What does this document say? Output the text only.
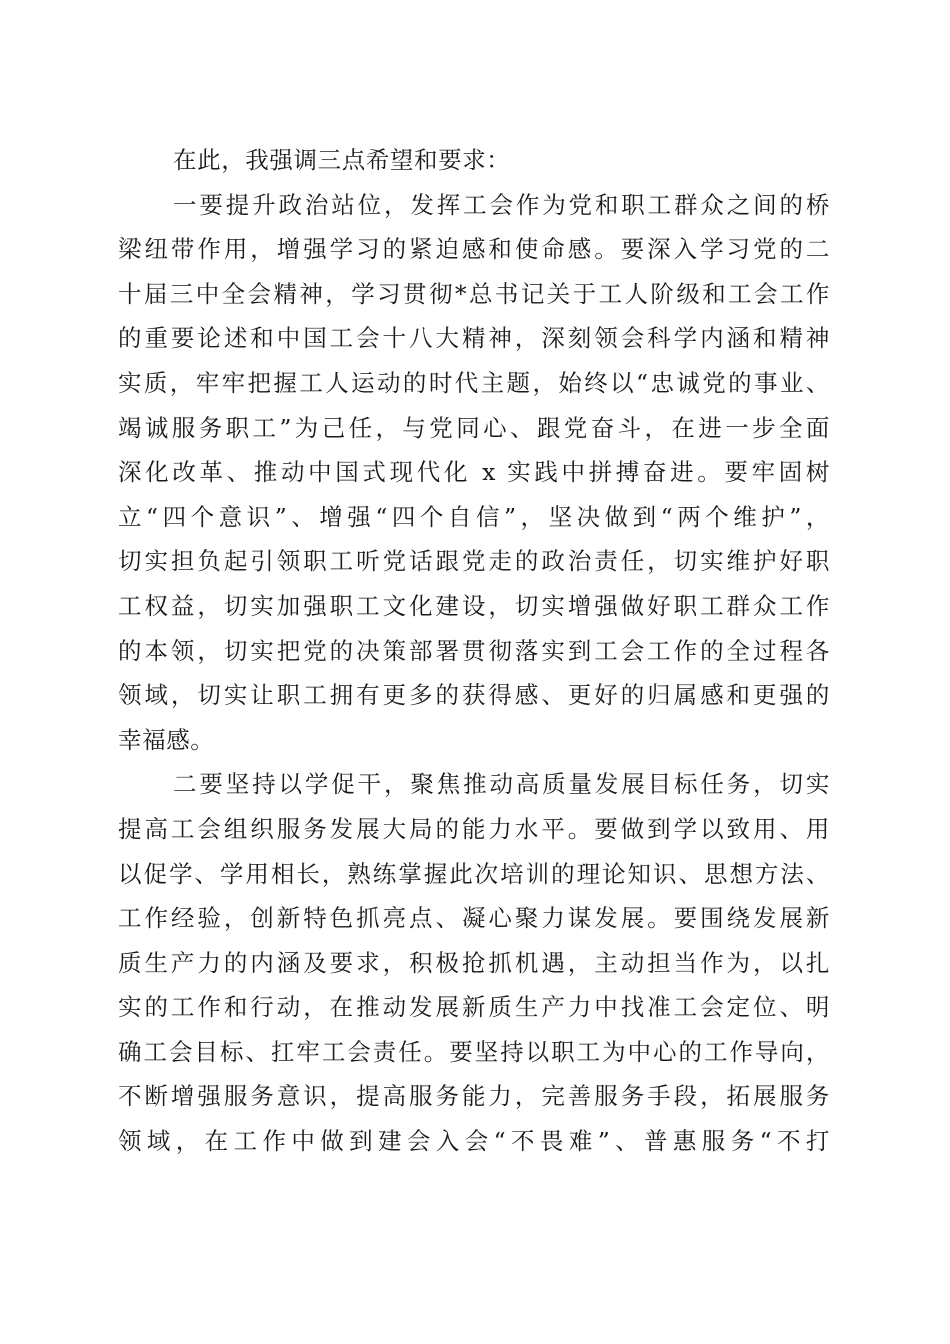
在此，我强调三点希望和要求：
一要提升政治站位，发挥工会作为党和职工群众之间的桥
梁纽带作用，增强学习的紧迫感和使命感。要深入学习党的二
十届三中全会精神，学习贯彻*总书记关于工人阶级和工会工作
的重要论述和中国工会十八大精神，深刻领会科学内涵和精神
实质，牢牢把握工人运动的时代主题，始终以“忠诚党的事业、
竭诚服务职工”为己任，与党同心、跟党奋斗，在进一步全面
深化改革、推动中国式现代化 x 实践中拼搏奋进。要牢固树
立“四个意识”、增强“四个自信”，坚决做到“两个维护”，
切实担负起引领职工听党话跟党走的政治责任，切实维护好职
工权益，切实加强职工文化建设，切实增强做好职工群众工作
的本领，切实把党的决策部署贯彻落实到工会工作的全过程各
领域，切实让职工拥有更多的获得感、更好的归属感和更强的
幸福感。
二要坚持以学促干，聚焦推动高质量发展目标任务，切实
提高工会组织服务发展大局的能力水平。要做到学以致用、用
以促学、学用相长，熟练掌握此次培训的理论知识、思想方法、
工作经验，创新特色抓亮点、凝心聚力谋发展。要围绕发展新
质生产力的内涵及要求，积极抢抓机遇，主动担当作为，以扎
实的工作和行动，在推动发展新质生产力中找准工会定位、明
确工会目标、扛牢工会责任。要坚持以职工为中心的工作导向，
不断增强服务意识，提高服务能力，完善服务手段，拓展服务
领域，在工作中做到建会入会“不畏难”、普惠服务“不打
